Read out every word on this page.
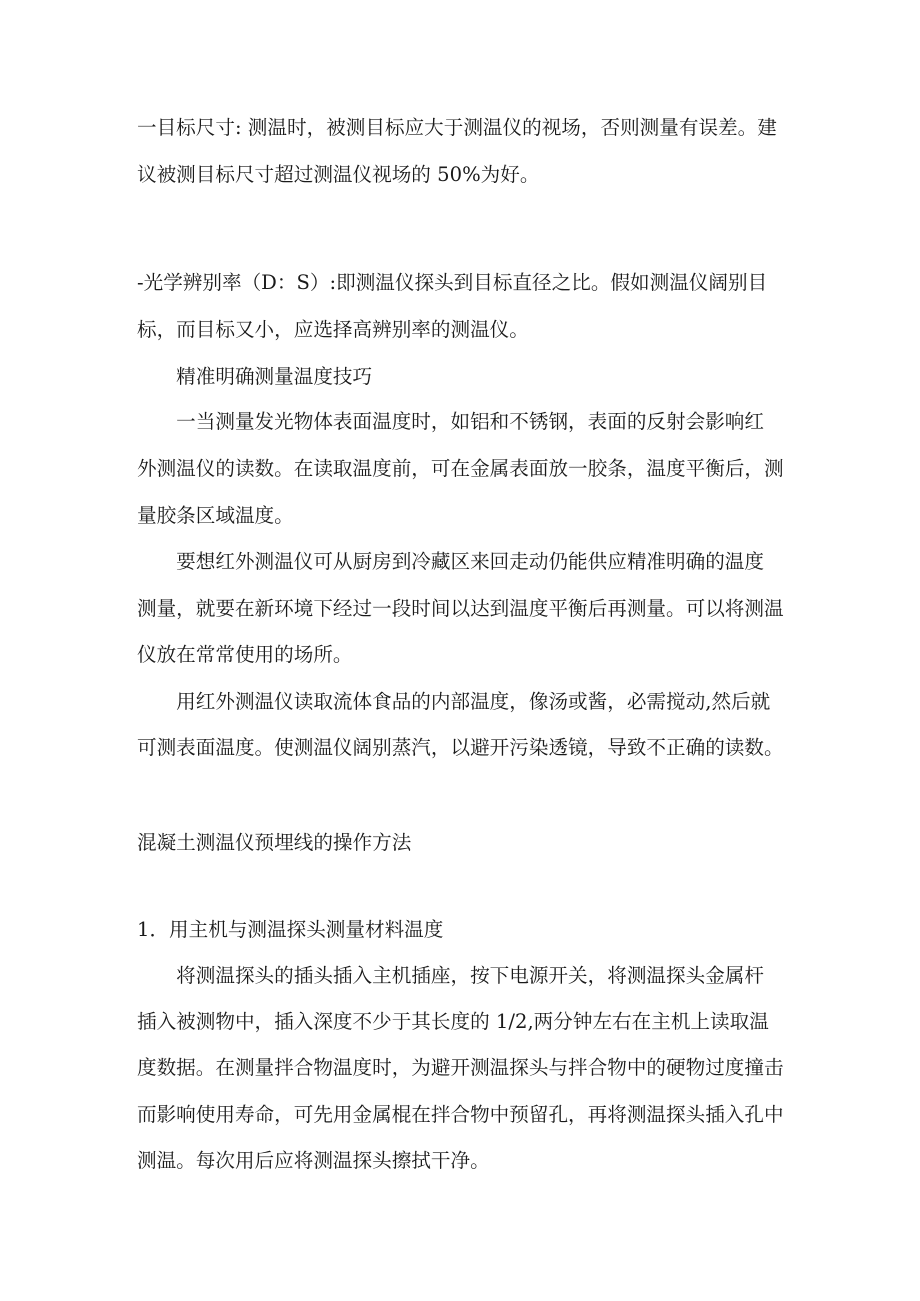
一目标尺寸: 测温时，被测目标应大于测温仪的视场，否则测量有误差。建
议被测目标尺寸超过测温仪视场的 50%为好。
-光学辨别率（D：S）:即测温仪探头到目标直径之比。假如测温仪阔别目
标，而目标又小，应选择高辨别率的测温仪。
　　精准明确测量温度技巧
　　一当测量发光物体表面温度时，如铝和不锈钢，表面的反射会影响红
外测温仪的读数。在读取温度前，可在金属表面放一胶条，温度平衡后，测
量胶条区域温度。
　　要想红外测温仪可从厨房到冷藏区来回走动仍能供应精准明确的温度
测量，就要在新环境下经过一段时间以达到温度平衡后再测量。可以将测温
仪放在常常使用的场所。
　　用红外测温仪读取流体食品的内部温度，像汤或酱，必需搅动,然后就
可测表面温度。使测温仪阔别蒸汽，以避开污染透镜，导致不正确的读数。
混凝土测温仪预埋线的操作方法
1．用主机与测温探头测量材料温度
　　将测温探头的插头插入主机插座，按下电源开关，将测温探头金属杆
插入被测物中，插入深度不少于其长度的 1/2,两分钟左右在主机上读取温
度数据。在测量拌合物温度时，为避开测温探头与拌合物中的硬物过度撞击
而影响使用寿命，可先用金属棍在拌合物中预留孔，再将测温探头插入孔中
测温。每次用后应将测温探头擦拭干净。
